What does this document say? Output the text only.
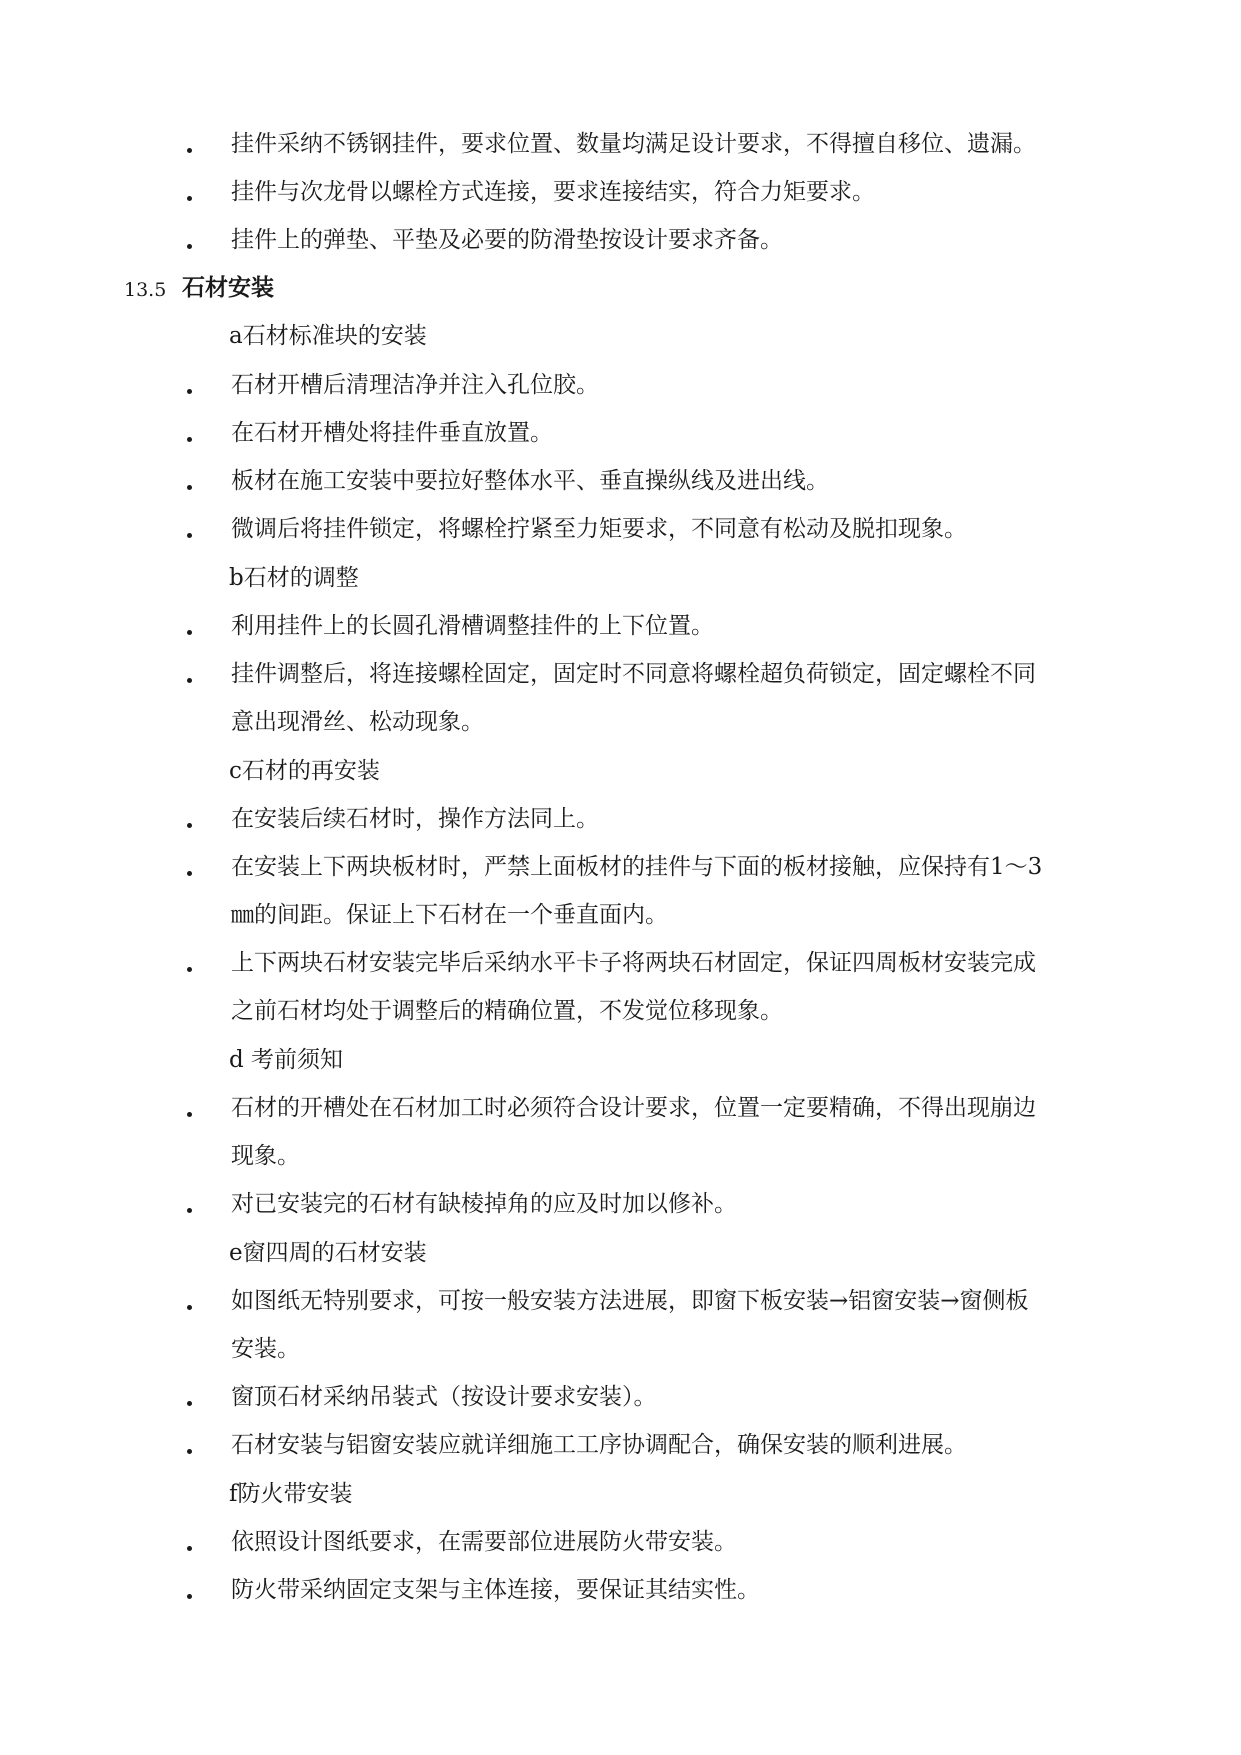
挂件采纳不锈钢挂件，要求位置、数量均满足设计要求，不得擅自移位、遗漏。
挂件与次龙骨以螺栓方式连接，要求连接结实，符合力矩要求。
挂件上的弹垫、平垫及必要的防滑垫按设计要求齐备。
13.5 石材安装
a石材标准块的安装
石材开槽后清理洁净并注入孔位胶。
在石材开槽处将挂件垂直放置。
板材在施工安装中要拉好整体水平、垂直操纵线及进出线。
微调后将挂件锁定，将螺栓拧紧至力矩要求，不同意有松动及脱扣现象。
b石材的调整
利用挂件上的长圆孔滑槽调整挂件的上下位置。
挂件调整后，将连接螺栓固定，固定时不同意将螺栓超负荷锁定，固定螺栓不同
意出现滑丝、松动现象。
c石材的再安装
在安装后续石材时，操作方法同上。
在安装上下两块板材时，严禁上面板材的挂件与下面的板材接触，应保持有1～3
㎜的间距。保证上下石材在一个垂直面内。
上下两块石材安装完毕后采纳水平卡子将两块石材固定，保证四周板材安装完成
之前石材均处于调整后的精确位置，不发觉位移现象。
d 考前须知
石材的开槽处在石材加工时必须符合设计要求，位置一定要精确，不得出现崩边
现象。
对已安装完的石材有缺棱掉角的应及时加以修补。
e窗四周的石材安装
如图纸无特别要求，可按一般安装方法进展，即窗下板安装→铝窗安装→窗侧板
安装。
窗顶石材采纳吊装式（按设计要求安装）。
石材安装与铝窗安装应就详细施工工序协调配合，确保安装的顺利进展。
f防火带安装
依照设计图纸要求，在需要部位进展防火带安装。
防火带采纳固定支架与主体连接，要保证其结实性。
